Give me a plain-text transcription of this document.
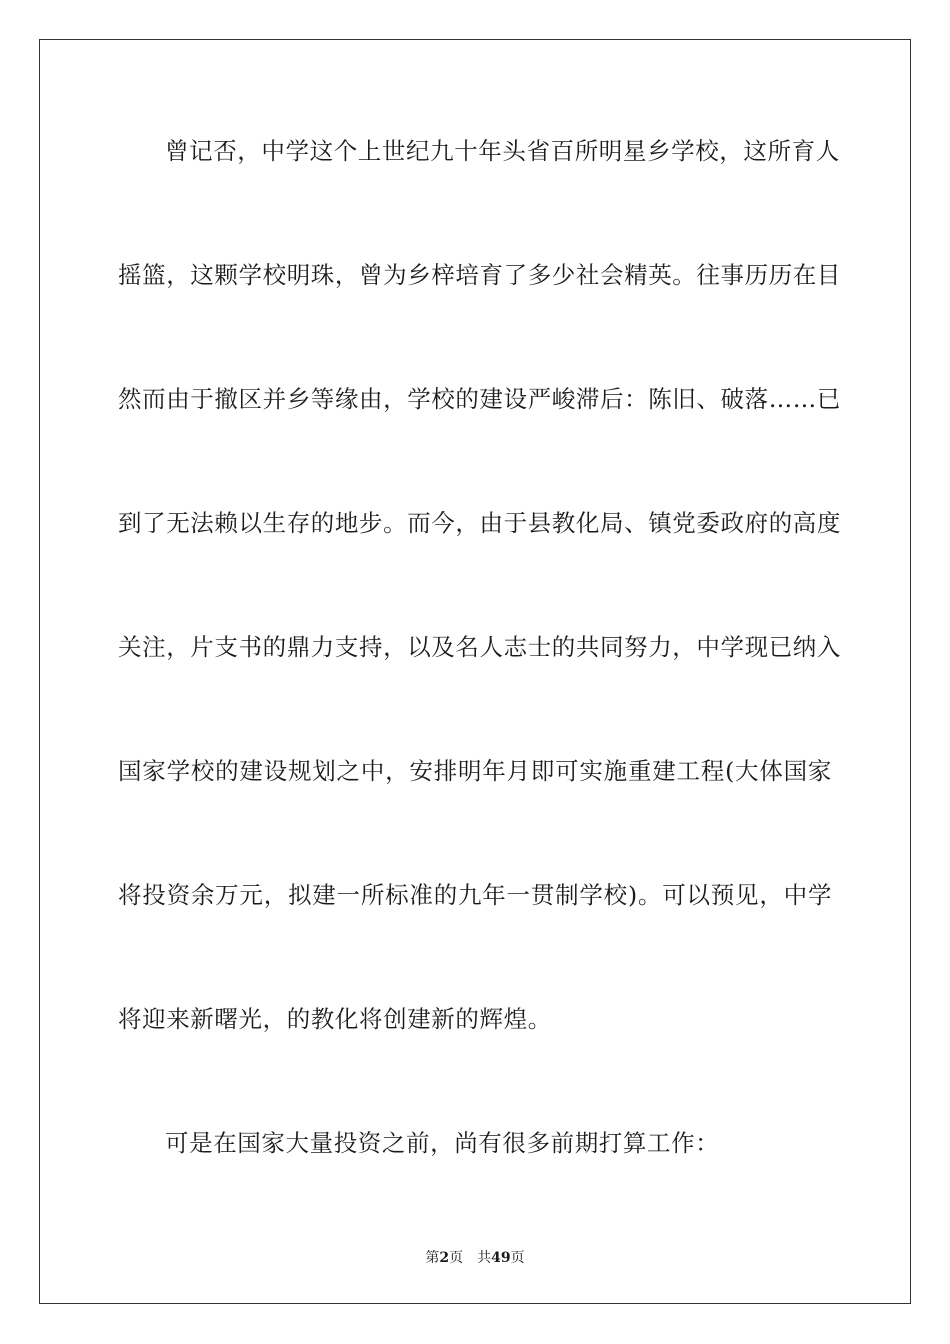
曾记否，中学这个上世纪九十年头省百所明星乡学校，这所育人
摇篮，这颗学校明珠，曾为乡梓培育了多少社会精英。往事历历在目
然而由于撤区并乡等缘由，学校的建设严峻滞后：陈旧、破落……已
到了无法赖以生存的地步。而今，由于县教化局、镇党委政府的高度
关注，片支书的鼎力支持，以及名人志士的共同努力，中学现已纳入
国家学校的建设规划之中，安排明年月即可实施重建工程(大体国家
将投资余万元，拟建一所标准的九年一贯制学校)。可以预见，中学
将迎来新曙光，的教化将创建新的辉煌。
可是在国家大量投资之前，尚有很多前期打算工作：
第2页 共49页
